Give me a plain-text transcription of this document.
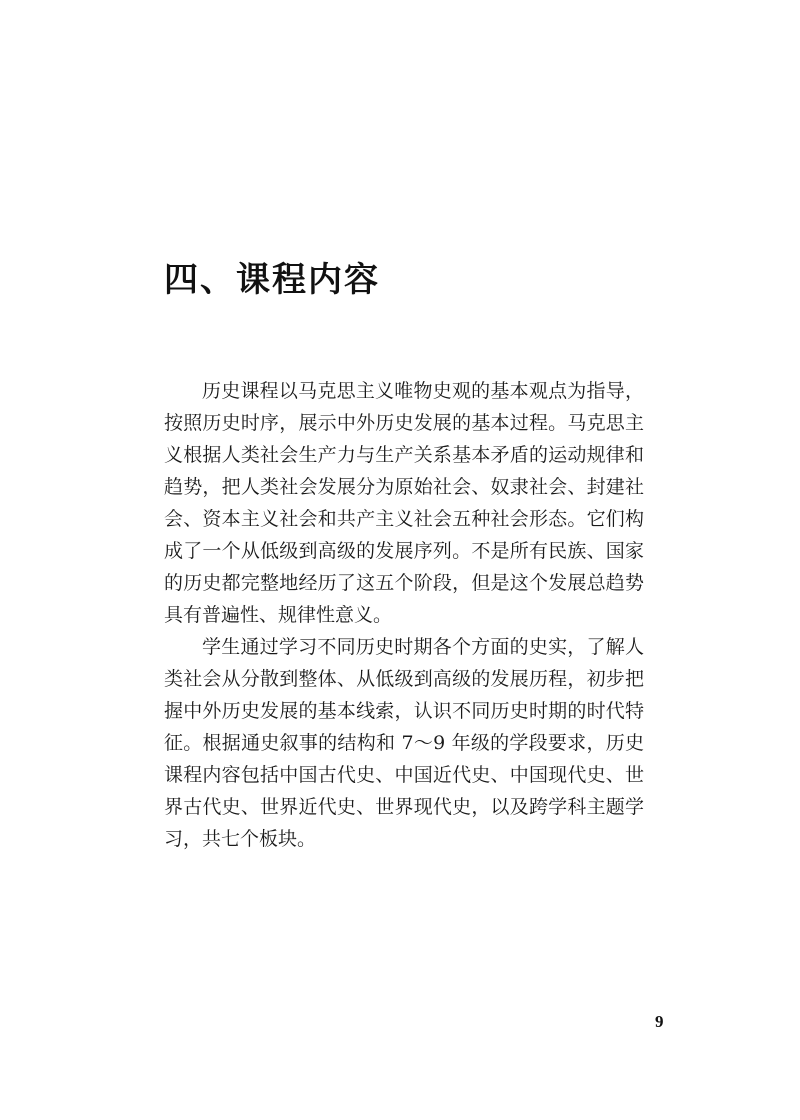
四、课程内容

历史课程以马克思主义唯物史观的基本观点为指导，按照历史时序，展示中外历史发展的基本过程。马克思主义根据人类社会生产力与生产关系基本矛盾的运动规律和趋势，把人类社会发展分为原始社会、奴隶社会、封建社会、资本主义社会和共产主义社会五种社会形态。它们构成了一个从低级到高级的发展序列。不是所有民族、国家的历史都完整地经历了这五个阶段，但是这个发展总趋势具有普遍性、规律性意义。

学生通过学习不同历史时期各个方面的史实，了解人类社会从分散到整体、从低级到高级的发展历程，初步把握中外历史发展的基本线索，认识不同历史时期的时代特征。根据通史叙事的结构和 7～9 年级的学段要求，历史课程内容包括中国古代史、中国近代史、中国现代史、世界古代史、世界近代史、世界现代史，以及跨学科主题学习，共七个板块。

9
